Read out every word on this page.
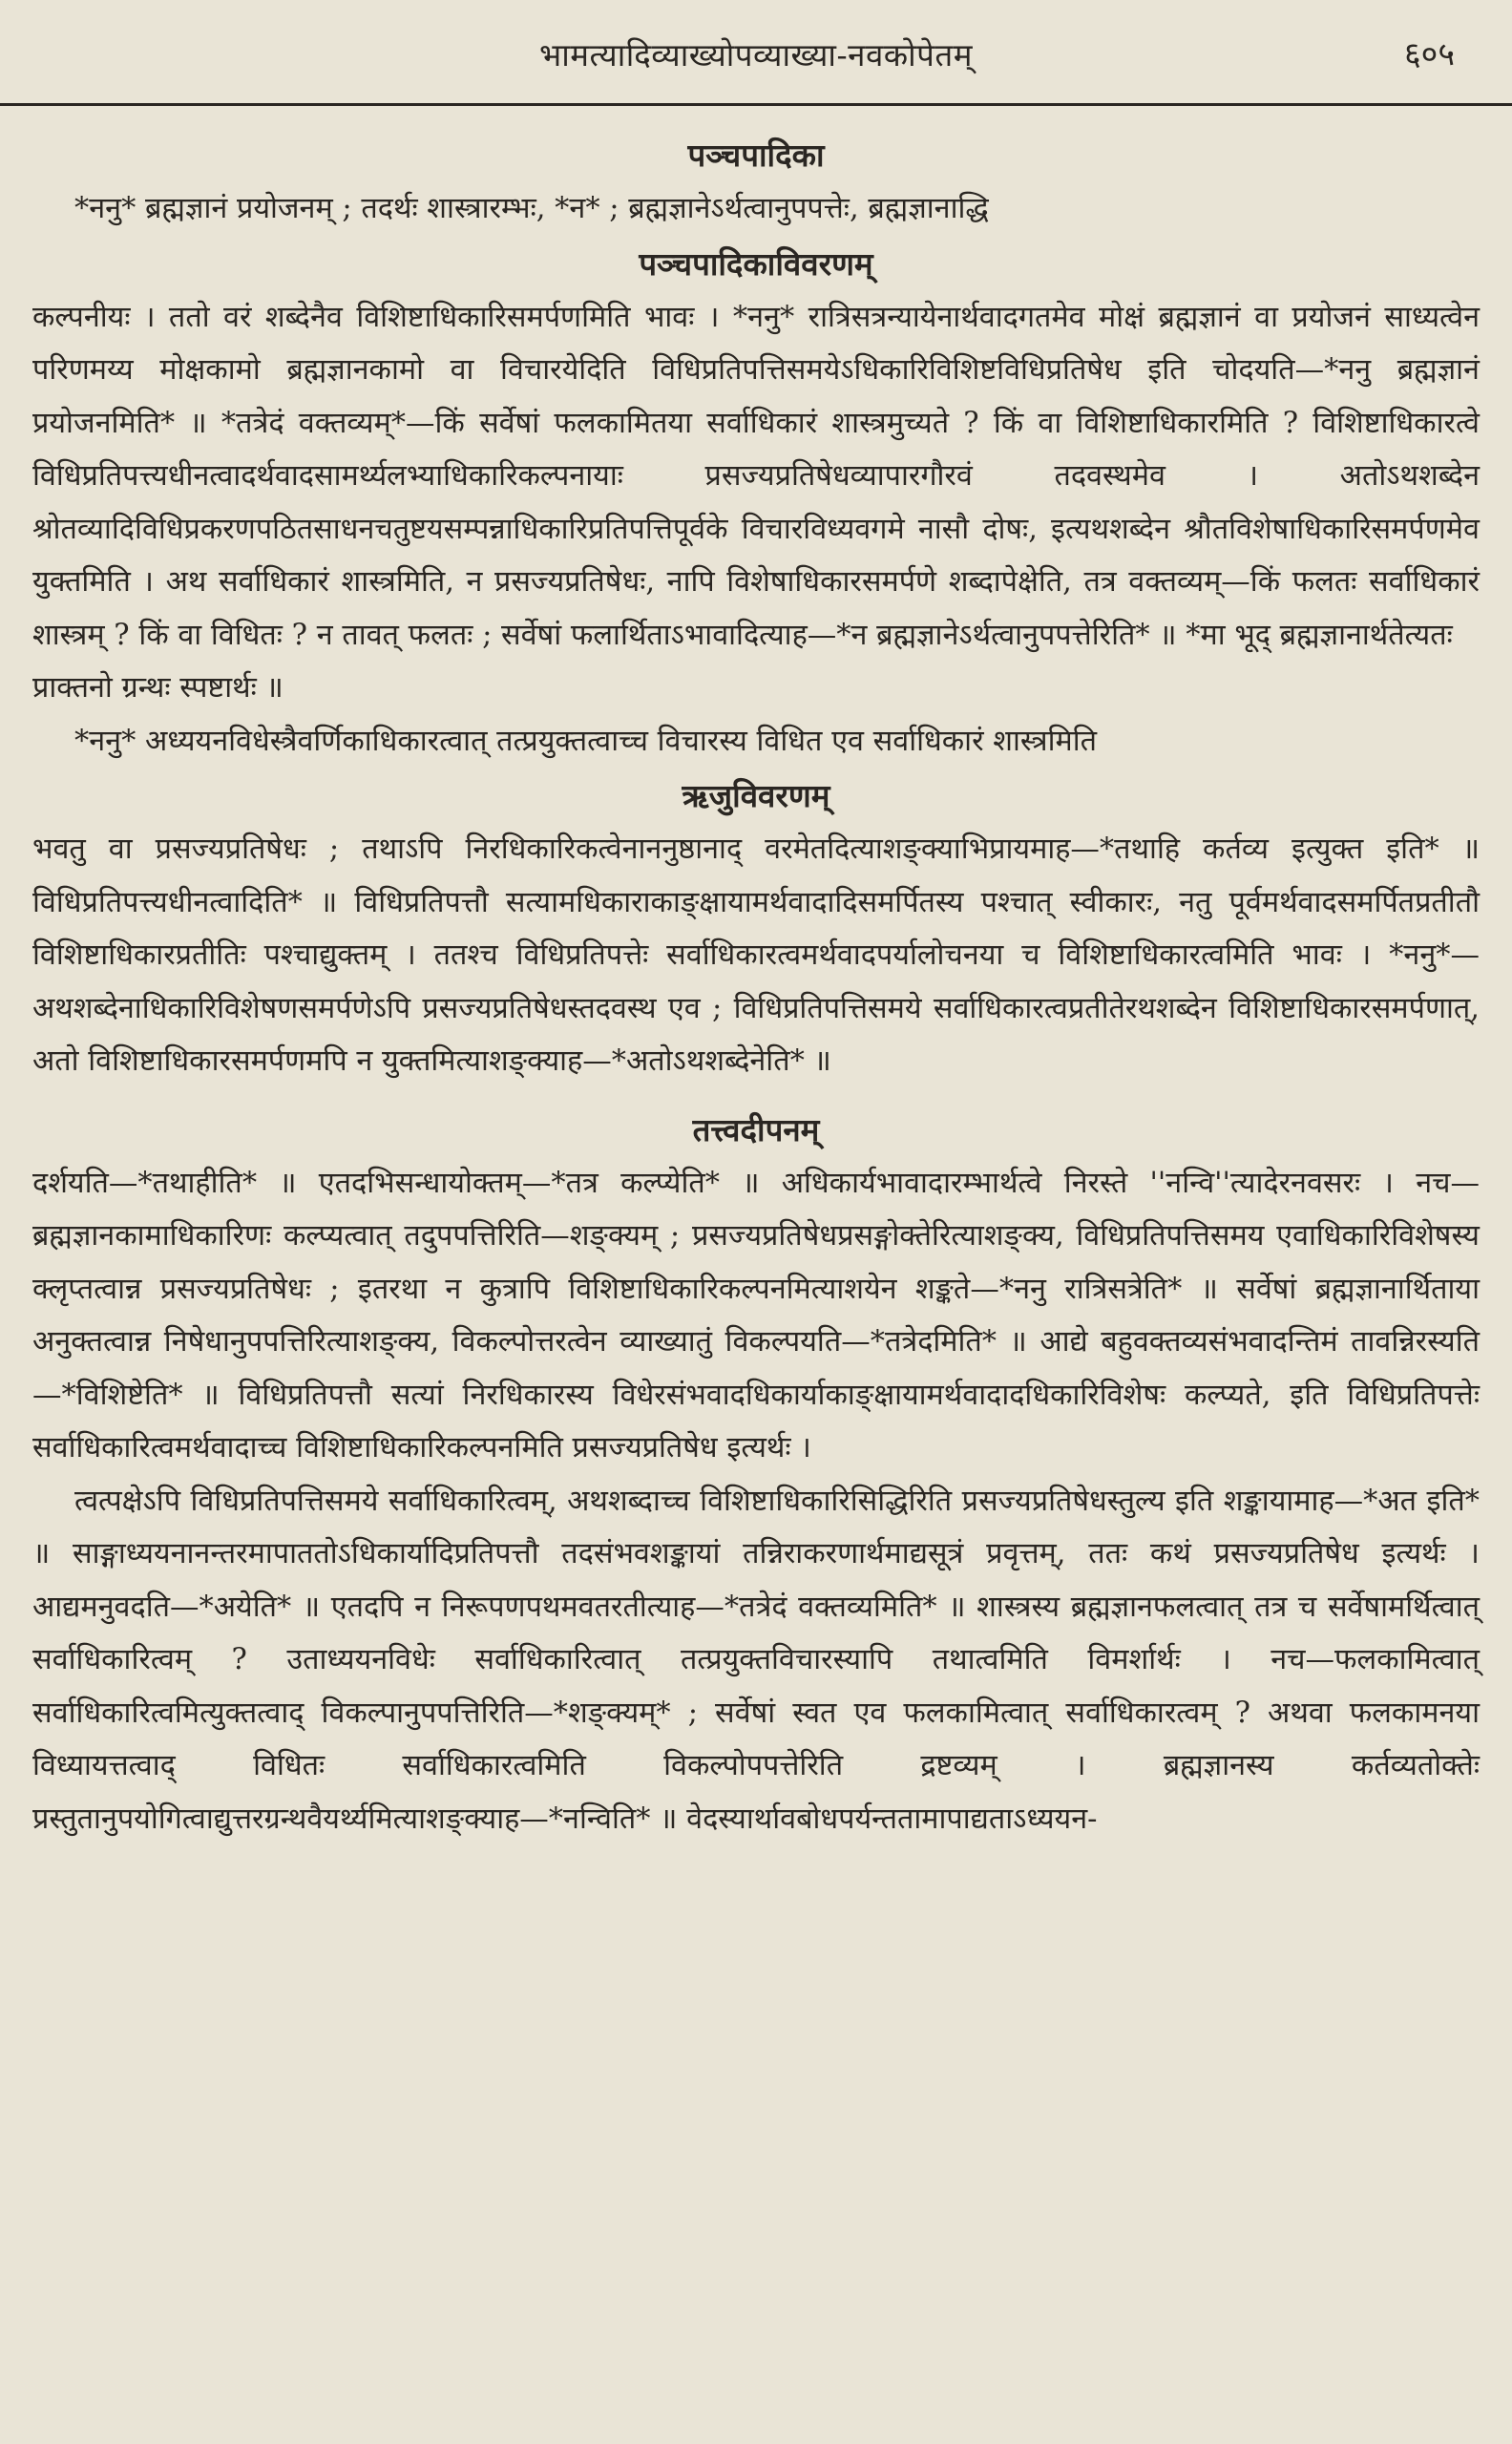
भामत्यादिव्याख्योपव्याख्या-नवकोपेतम्	६०५
पञ्चपादिका

*ननु* ब्रह्मज्ञानं प्रयोजनम् ; तदर्थः शास्त्रारम्भः, *न* ; ब्रह्मज्ञानेऽर्थत्वानुपपत्तेः, ब्रह्मज्ञानाद्धि

पञ्चपादिकाविवरणम्

कल्पनीयः । ततो वरं शब्देनैव विशिष्टाधिकारिसमर्पणमिति भावः । *ननु* रात्रिसत्रन्यायेनार्थवादगतमेव मोक्षं ब्रह्मज्ञानं वा प्रयोजनं साध्यत्वेन परिणमय्य मोक्षकामो ब्रह्मज्ञानकामो वा विचारयेदिति विधिप्रतिपत्तिसमयेऽधिकारिविशिष्टविधिप्रतिषेध इति चोदयति—*ननु ब्रह्मज्ञानं प्रयोजनमिति* ॥ *तत्रेदं वक्तव्यम्*—किं सर्वेषां फलकामितया सर्वाधिकारं शास्त्रमुच्यते ? किं वा विशिष्टाधिकारमिति ? विशिष्टाधिकारत्वे विधिप्रतिपत्त्यधीनत्वादर्थवादसामर्थ्यलभ्याधिकारिकल्पनायाः प्रसज्यप्रतिषेधव्यापारगौरवं तदवस्थमेव । अतोऽथशब्देन श्रोतव्यादिविधिप्रकरणपठितसाधनचतुष्टयसम्पन्नाधिकारिप्रतिपत्तिपूर्वके विचारविध्यवगमे नासौ दोषः, इत्यथशब्देन श्रौतविशेषाधिकारिसमर्पणमेव युक्तमिति । अथ सर्वाधिकारं शास्त्रमिति, न प्रसज्यप्रतिषेधः, नापि विशेषाधिकारसमर्पणे शब्दापेक्षेति, तत्र वक्तव्यम्—किं फलतः सर्वाधिकारं शास्त्रम् ? किं वा विधितः ? न तावत् फलतः ; सर्वेषां फलार्थिताऽभावादित्याह—*न ब्रह्मज्ञानेऽर्थत्वानुपपत्तेरिति* ॥ *मा भूद् ब्रह्मज्ञानार्थतेत्यतः

प्राक्तनो ग्रन्थः स्पष्टार्थः ॥

*ननु* अध्ययनविधेस्त्रैवर्णिकाधिकारत्वात् तत्प्रयुक्तत्वाच्च विचारस्य विधित एव सर्वाधिकारं शास्त्रमिति

ऋजुविवरणम्

भवतु वा प्रसज्यप्रतिषेधः ; तथाऽपि निरधिकारिकत्वेनाननुष्ठानाद् वरमेतदित्याशङ्क्याभिप्रायमाह—*तथाहि कर्तव्य इत्युक्त इति* ॥ विधिप्रतिपत्त्यधीनत्वादिति* ॥ विधिप्रतिपत्तौ सत्यामधिकाराकाङ्क्षायामर्थवादादिसमर्पितस्य पश्चात् स्वीकारः, नतु पूर्वमर्थवादसमर्पितप्रतीतौ विशिष्टाधिकारप्रतीतिः पश्चाद्युक्तम् । ततश्च विधिप्रतिपत्तेः सर्वाधिकारत्वमर्थवादपर्यालोचनया च विशिष्टाधिकारत्वमिति भावः । *ननु*—अथशब्देनाधिकारिविशेषणसमर्पणेऽपि प्रसज्यप्रतिषेधस्तदवस्थ एव ; विधिप्रतिपत्तिसमये सर्वाधिकारत्वप्रतीतेरथशब्देन विशिष्टाधिकारसमर्पणात्, अतो विशिष्टाधिकारसमर्पणमपि न युक्तमित्याशङ्क्याह—*अतोऽथशब्देनेति* ॥

तत्त्वदीपनम्

दर्शयति—*तथाहीति* ॥ एतदभिसन्धायोक्तम्—*तत्र कल्प्येति* ॥ अधिकार्यभावादारम्भार्थत्वे निरस्ते ''नन्वि''त्यादेरनवसरः । नच—ब्रह्मज्ञानकामाधिकारिणः कल्प्यत्वात् तदुपपत्तिरिति—शङ्क्यम् ; प्रसज्यप्रतिषेधप्रसङ्गोक्तेरित्याशङ्क्य, विधिप्रतिपत्तिसमय एवाधिकारिविशेषस्य क्लृप्तत्वान्न प्रसज्यप्रतिषेधः ; इतरथा न कुत्रापि विशिष्टाधिकारिकल्पनमित्याशयेन शङ्कते—*ननु रात्रिसत्रेति* ॥ सर्वेषां ब्रह्मज्ञानार्थिताया अनुक्तत्वान्न निषेधानुपपत्तिरित्याशङ्क्य, विकल्पोत्तरत्वेन व्याख्यातुं विकल्पयति—*तत्रेदमिति* ॥ आद्ये बहुवक्तव्यसंभवादन्तिमं तावन्निरस्यति—*विशिष्टेति* ॥ विधिप्रतिपत्तौ सत्यां निरधिकारस्य विधेरसंभवादधिकार्याकाङ्क्षायामर्थवादादधिकारिविशेषः कल्प्यते, इति विधिप्रतिपत्तेः सर्वाधिकारित्वमर्थवादाच्च विशिष्टाधिकारिकल्पनमिति प्रसज्यप्रतिषेध इत्यर्थः ।

त्वत्पक्षेऽपि विधिप्रतिपत्तिसमये सर्वाधिकारित्वम्, अथशब्दाच्च विशिष्टाधिकारिसिद्धिरिति प्रसज्यप्रतिषेधस्तुल्य इति शङ्कायामाह—*अत इति* ॥ साङ्गाध्ययनानन्तरमापाततोऽधिकार्यादिप्रतिपत्तौ तदसंभवशङ्कायां तन्निराकरणार्थमाद्यसूत्रं प्रवृत्तम्, ततः कथं प्रसज्यप्रतिषेध इत्यर्थः । आद्यमनुवदति—*अयेति* ॥ एतदपि न निरूपणपथमवतरतीत्याह—*तत्रेदं वक्तव्यमिति* ॥ शास्त्रस्य ब्रह्मज्ञानफलत्वात् तत्र च सर्वेषामर्थित्वात् सर्वाधिकारित्वम् ? उताध्ययनविधेः सर्वाधिकारित्वात् तत्प्रयुक्तविचारस्यापि तथात्वमिति विमर्शार्थः । नच—फलकामित्वात् सर्वाधिकारित्वमित्युक्तत्वाद् विकल्पानुपपत्तिरिति—*शङ्क्यम्* ; सर्वेषां स्वत एव फलकामित्वात् सर्वाधिकारत्वम् ? अथवा फलकामनया विध्यायत्तत्वाद् विधितः सर्वाधिकारत्वमिति विकल्पोपपत्तेरिति द्रष्टव्यम् । ब्रह्मज्ञानस्य कर्तव्यतोक्तेः प्रस्तुतानुपयोगित्वाद्युत्तरग्रन्थवैयर्थ्यमित्याशङ्क्याह—*नन्विति* ॥ वेदस्यार्थावबोधपर्यन्ततामापाद्यताऽध्ययन-
